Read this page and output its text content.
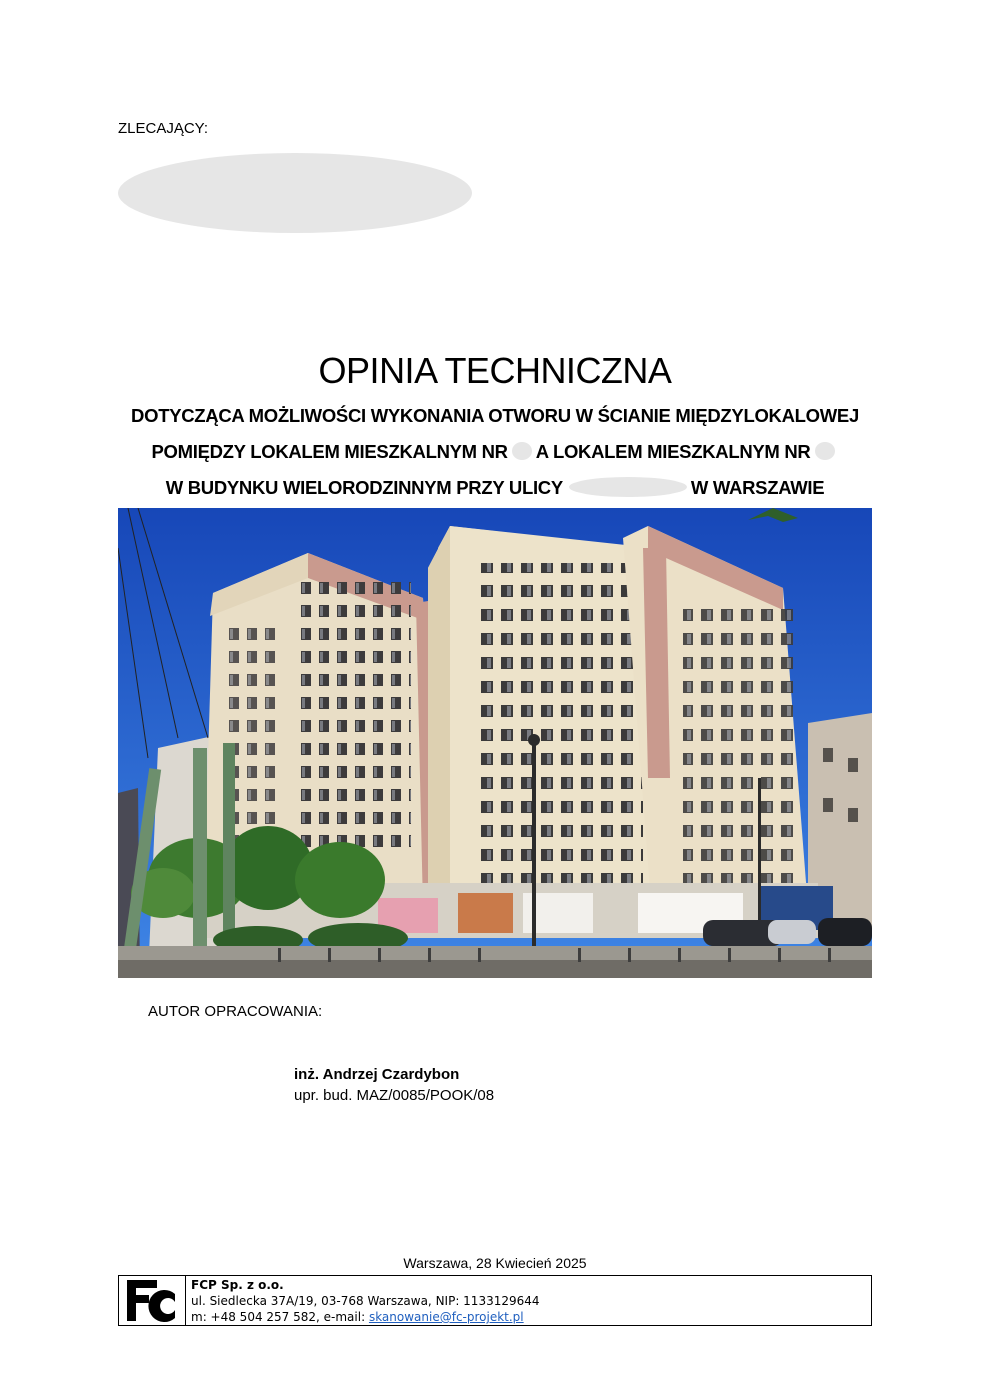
ZLECAJĄCY:
OPINIA TECHNICZNA
DOTYCZĄCA MOŻLIWOŚCI WYKONANIA OTWORU W ŚCIANIE MIĘDZYLOKALOWEJ
POMIĘDZY LOKALEM MIESZKALNYM NR A LOKALEM MIESZKALNYM NR
W BUDYNKU WIELORODZINNYM PRZY ULICY	W WARSZAWIE
AUTOR OPRACOWANIA:
inż. Andrzej Czardybon
upr. bud. MAZ/0085/POOK/08
Warszawa, 28 Kwiecień 2025
FCP Sp. z o.o.
ul. Siedlecka 37A/19, 03-768 Warszawa, NIP: 1133129644
m: +48 504 257 582, e-mail: skanowanie@fc-projekt.pl
